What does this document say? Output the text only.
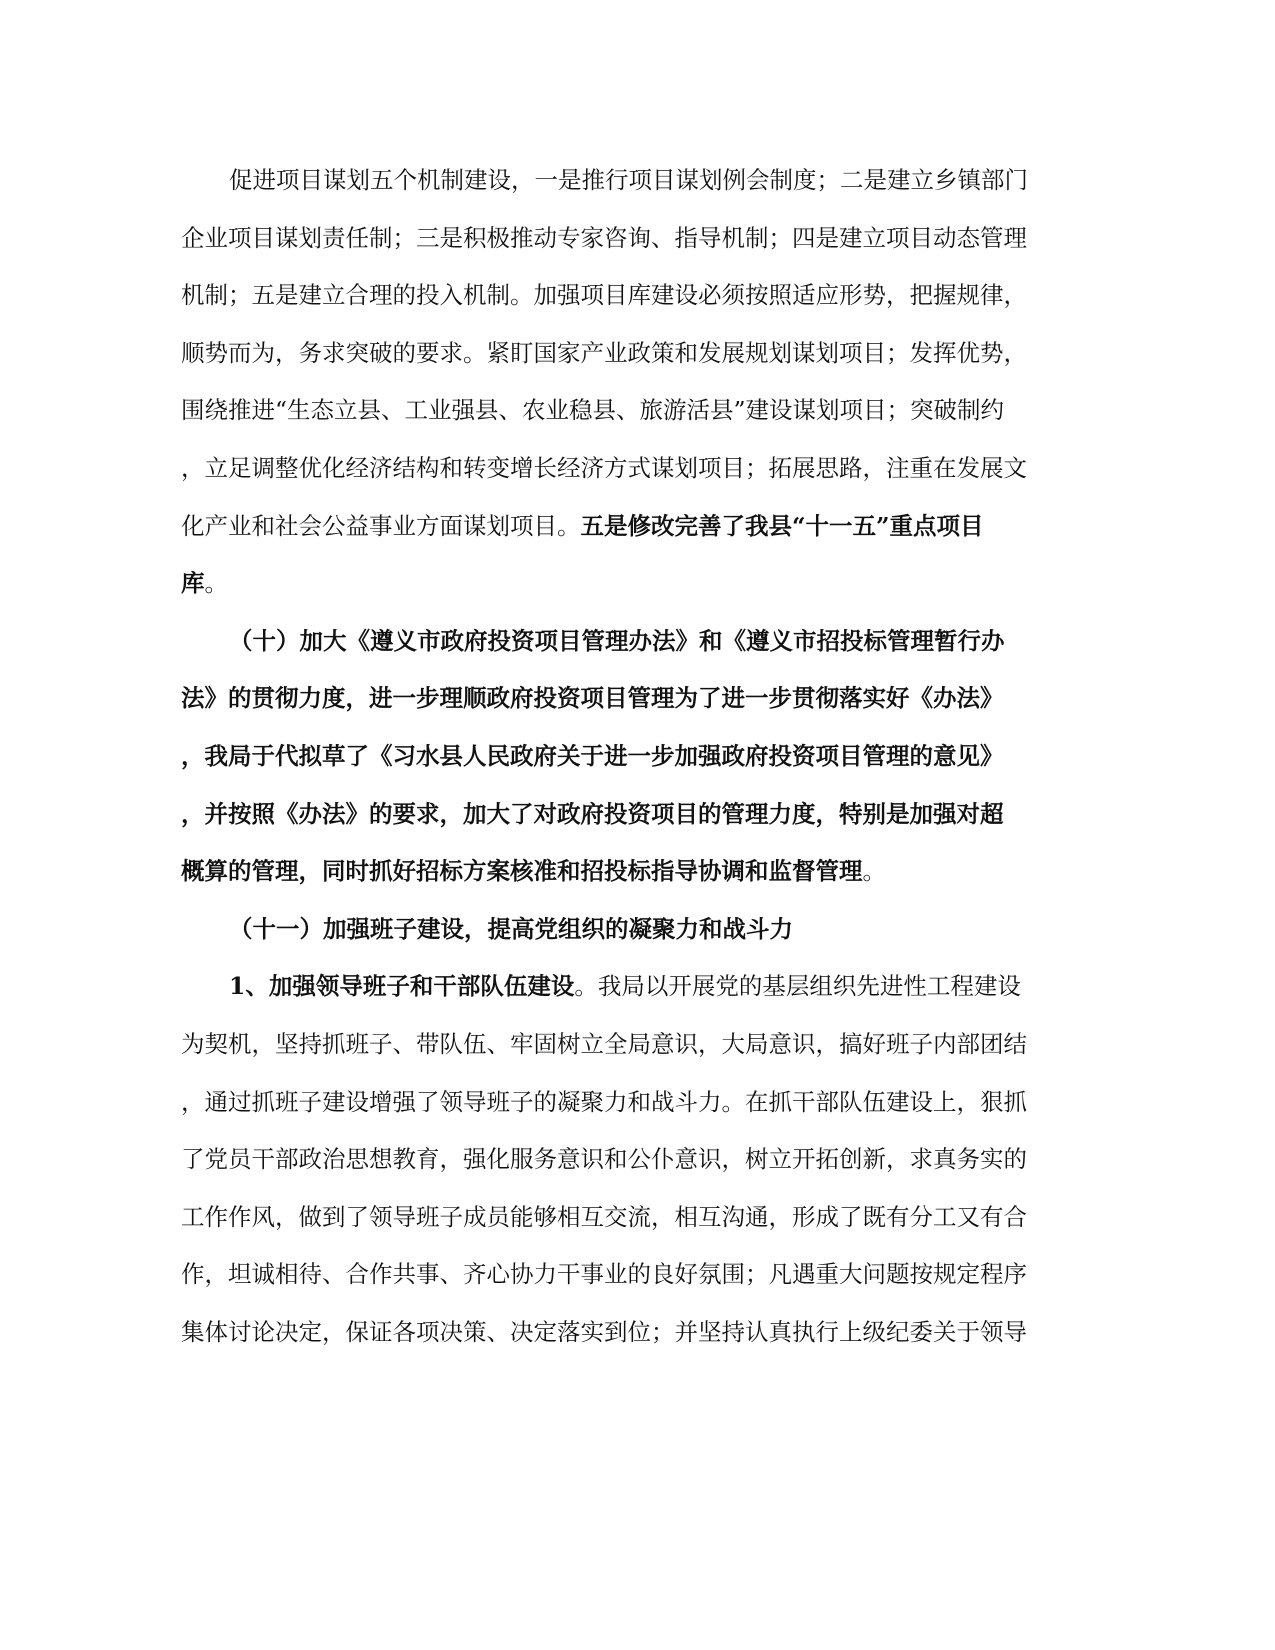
促进项目谋划五个机制建设，一是推行项目谋划例会制度；二是建立乡镇部门
企业项目谋划责任制；三是积极推动专家咨询、指导机制；四是建立项目动态管理
机制；五是建立合理的投入机制。加强项目库建设必须按照适应形势，把握规律，
顺势而为，务求突破的要求。紧盯国家产业政策和发展规划谋划项目；发挥优势，
围绕推进“生态立县、工业强县、农业稳县、旅游活县”建设谋划项目；突破制约
，立足调整优化经济结构和转变增长经济方式谋划项目；拓展思路，注重在发展文
化产业和社会公益事业方面谋划项目。五是修改完善了我县“十一五”重点项目
库。
（十）加大《遵义市政府投资项目管理办法》和《遵义市招投标管理暂行办
法》的贯彻力度，进一步理顺政府投资项目管理为了进一步贯彻落实好《办法》
，我局于代拟草了《习水县人民政府关于进一步加强政府投资项目管理的意见》
，并按照《办法》的要求，加大了对政府投资项目的管理力度，特别是加强对超
概算的管理，同时抓好招标方案核准和招投标指导协调和监督管理。
（十一）加强班子建设，提高党组织的凝聚力和战斗力
1、加强领导班子和干部队伍建设。我局以开展党的基层组织先进性工程建设
为契机，坚持抓班子、带队伍、牢固树立全局意识，大局意识，搞好班子内部团结
，通过抓班子建设增强了领导班子的凝聚力和战斗力。在抓干部队伍建设上，狠抓
了党员干部政治思想教育，强化服务意识和公仆意识，树立开拓创新，求真务实的
工作作风，做到了领导班子成员能够相互交流，相互沟通，形成了既有分工又有合
作，坦诚相待、合作共事、齐心协力干事业的良好氛围；凡遇重大问题按规定程序
集体讨论决定，保证各项决策、决定落实到位；并坚持认真执行上级纪委关于领导
